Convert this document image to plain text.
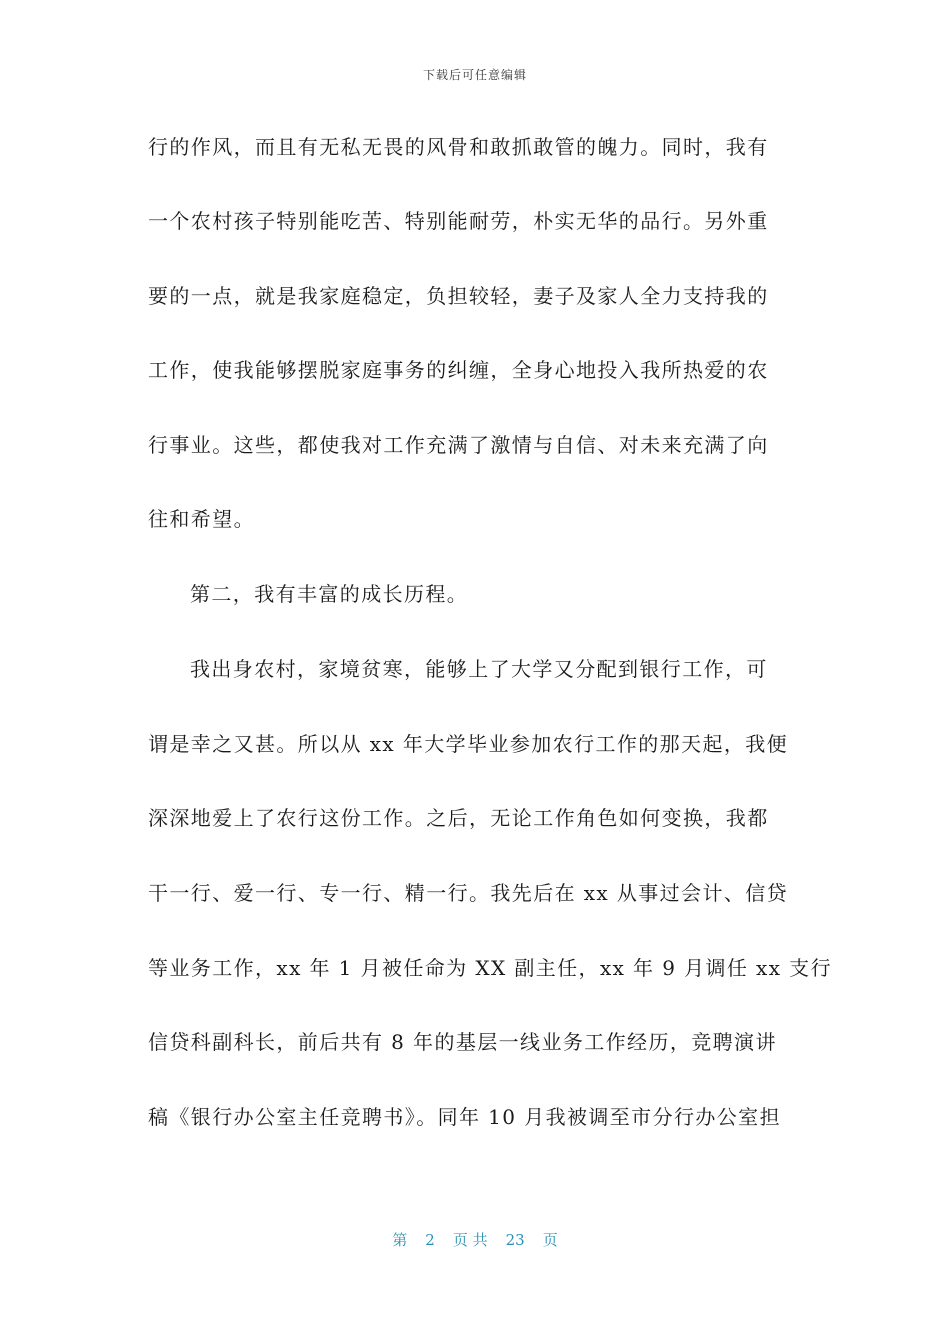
下载后可任意编辑
行的作风，而且有无私无畏的风骨和敢抓敢管的魄力。同时，我有
一个农村孩子特别能吃苦、特别能耐劳，朴实无华的品行。另外重
要的一点，就是我家庭稳定，负担较轻，妻子及家人全力支持我的
工作，使我能够摆脱家庭事务的纠缠，全身心地投入我所热爱的农
行事业。这些，都使我对工作充满了激情与自信、对未来充满了向
往和希望。
第二，我有丰富的成长历程。
我出身农村，家境贫寒，能够上了大学又分配到银行工作，可
谓是幸之又甚。所以从 xx 年大学毕业参加农行工作的那天起，我便
深深地爱上了农行这份工作。之后，无论工作角色如何变换，我都
干一行、爱一行、专一行、精一行。我先后在 xx 从事过会计、信贷
等业务工作，xx 年 1 月被任命为 XX 副主任，xx 年 9 月调任 xx 支行
信贷科副科长，前后共有 8 年的基层一线业务工作经历，竞聘演讲
稿《银行办公室主任竞聘书》。同年 10 月我被调至市分行办公室担
第 2 页 共 23 页
